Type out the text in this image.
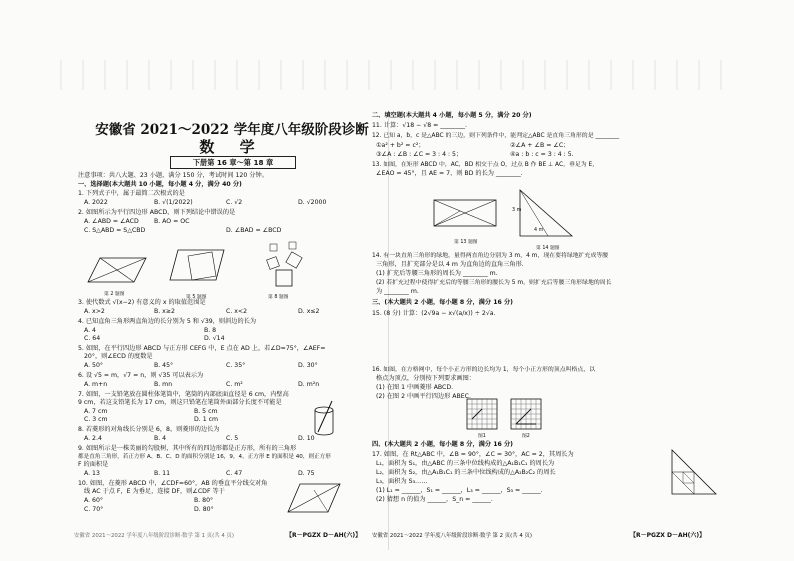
安徽省 2021～2022 学年度八年级阶段诊断
数 学
下册第 16 章～第 18 章
注意事项：共八大题、23 小题，满分 150 分，考试时间 120 分钟。
一、选择题(本大题共 10 小题，每小题 4 分，满分 40 分)
1. 下列式子中，属于最简二次根式的是
A. 2022	B. √(1/2022)	C. √2	D. √2000
2. 如图所示为平行四边形 ABCD，则下列结论中错误的是
A. ∠ABD = ∠ACD B. AO = OC
C. S△ABD = S△CBD	D. ∠BAD = ∠BCD
第 2 题图
第 5 题图	第 8 题图
3. 使代数式 √(x−2) 有意义的 x 的取值范围是
A. x>2	B. x≥2	C. x<2	D. x≤2
4. 已知直角三角形两直角边的长分别为 5 和 √39，则斜边的长为
A. 4	B. 8
C. 64	D. √14
5. 如图，在平行四边形 ABCD 与正方形 CEFG 中，E 点在 AD 上，若∠D=75°，∠AEF=
20°，则∠ECD 的度数是
A. 50°	B. 45°	C. 35°	D. 30°
6. 设 √5 = m，√7 = n，则 √35 可以表示为
A. m+n	B. mn	C. m²	D. m²n
7. 如图，一支铅笔放在圆柱体笔筒中，笔筒的内部底面直径是 6 cm，内壁高
9 cm，若这支铅笔长为 17 cm，则这只铅笔在笔筒外面部分长度不可能是
A. 7 cm	B. 5 cm
C. 3 cm	D. 1 cm
8. 若菱形的对角线长分别是 6，8，则菱形的边长为
A. 2.4	B. 4	C. 5	D. 10
9. 如图所示是一株美丽的勾股树，其中所有的四边形都是正方形，所有的三角形
都是直角三角形，若正方形 A、B、C、D 的面积分别是 16，9，4，正方形 E 的面积是 40，则正方形
F 的面积是
A. 13	B. 11	C. 47	D. 75
10. 如图，在菱形 ABCD 中，∠CDF=60°，AB 的垂直平分线交对角
线 AC 于点 F，E 为垂足，连接 DF，则∠CDF 等于
A. 60°	B. 80°
C. 70°	D. 80°
安徽省 2021～2022 学年度八年级阶段诊断·数学 第 1 页(共 4 页)	【R－PGZX D－AH(六)】
二、填空题(本大题共 4 小题，每小题 5 分，满分 20 分)
11. 计算：√18 − √8 = ________.
12. 已知 a，b，c 是△ABC 的三边，则下列条件中，能判定△ABC 是直角三角形的是 ________
①a² + b² = c²；	②∠A + ∠B = ∠C；
③∠A : ∠B : ∠C = 3 : 4 : 5；	④a : b : c = 3 : 4 : 5.
13. 如图，在矩形 ABCD 中，AC，BD 相交于点 O，过点 B 作 BE ⊥ AC，垂足为 E，
∠EAO = 45°，且 AE = 7，则 BD 的长为 ________.
3 m
4 m
第 13 题图
第 14 题图
14. 有一块直角三角形的绿地，量得两直角边分别为 3 m，4 m，现在要将绿地扩充成等腰
三角形，且扩充部分是以 4 m 为直角边的直角三角形.
(1) 扩充后等腰三角形的周长为 ________ m.
(2) 若扩充过程中使得扩充后的等腰三角形的腰长为 5 m，则扩充后等腰三角形绿地的周长
为 ________ m.
三、(本大题共 2 小题，每小题 8 分，满分 16 分)
15. (8 分) 计算：(2√9a − x√(a/x)) ÷ 2√a.
16. 如图，在方格网中，每个小正方形的边长均为 1，每个小正方形的顶点叫格点，以
格点为顶点，分别按下列要求画图：
(1) 在图 1 中画菱形 ABCD.
(2) 在图 2 中画平行四边形 ABEC.
图1	图2
四、(本大题共 2 小题，每小题 8 分，满分 16 分)
17. 如图，在 Rt△ABC 中，∠B = 90°，∠C = 30°，AC = 2，其周长为
L₁，面积为 S₁，由△ABC 的三条中位线构成的△A₁B₁C₁ 的周长为
L₂，面积为 S₂，由△A₁B₁C₁ 的三条中位线构成的△A₂B₂C₂ 的周长
L₃，面积为 S₃……
(1) L₁ = ______，S₁ = ______，L₃ = ______，S₃ = ______.
(2) 猜想 n 的值为 ______，S_n = ______.
安徽省 2021～2022 学年度八年级阶段诊断·数学 第 2 页(共 4 页)	【R－PGZX D－AH(六)】
